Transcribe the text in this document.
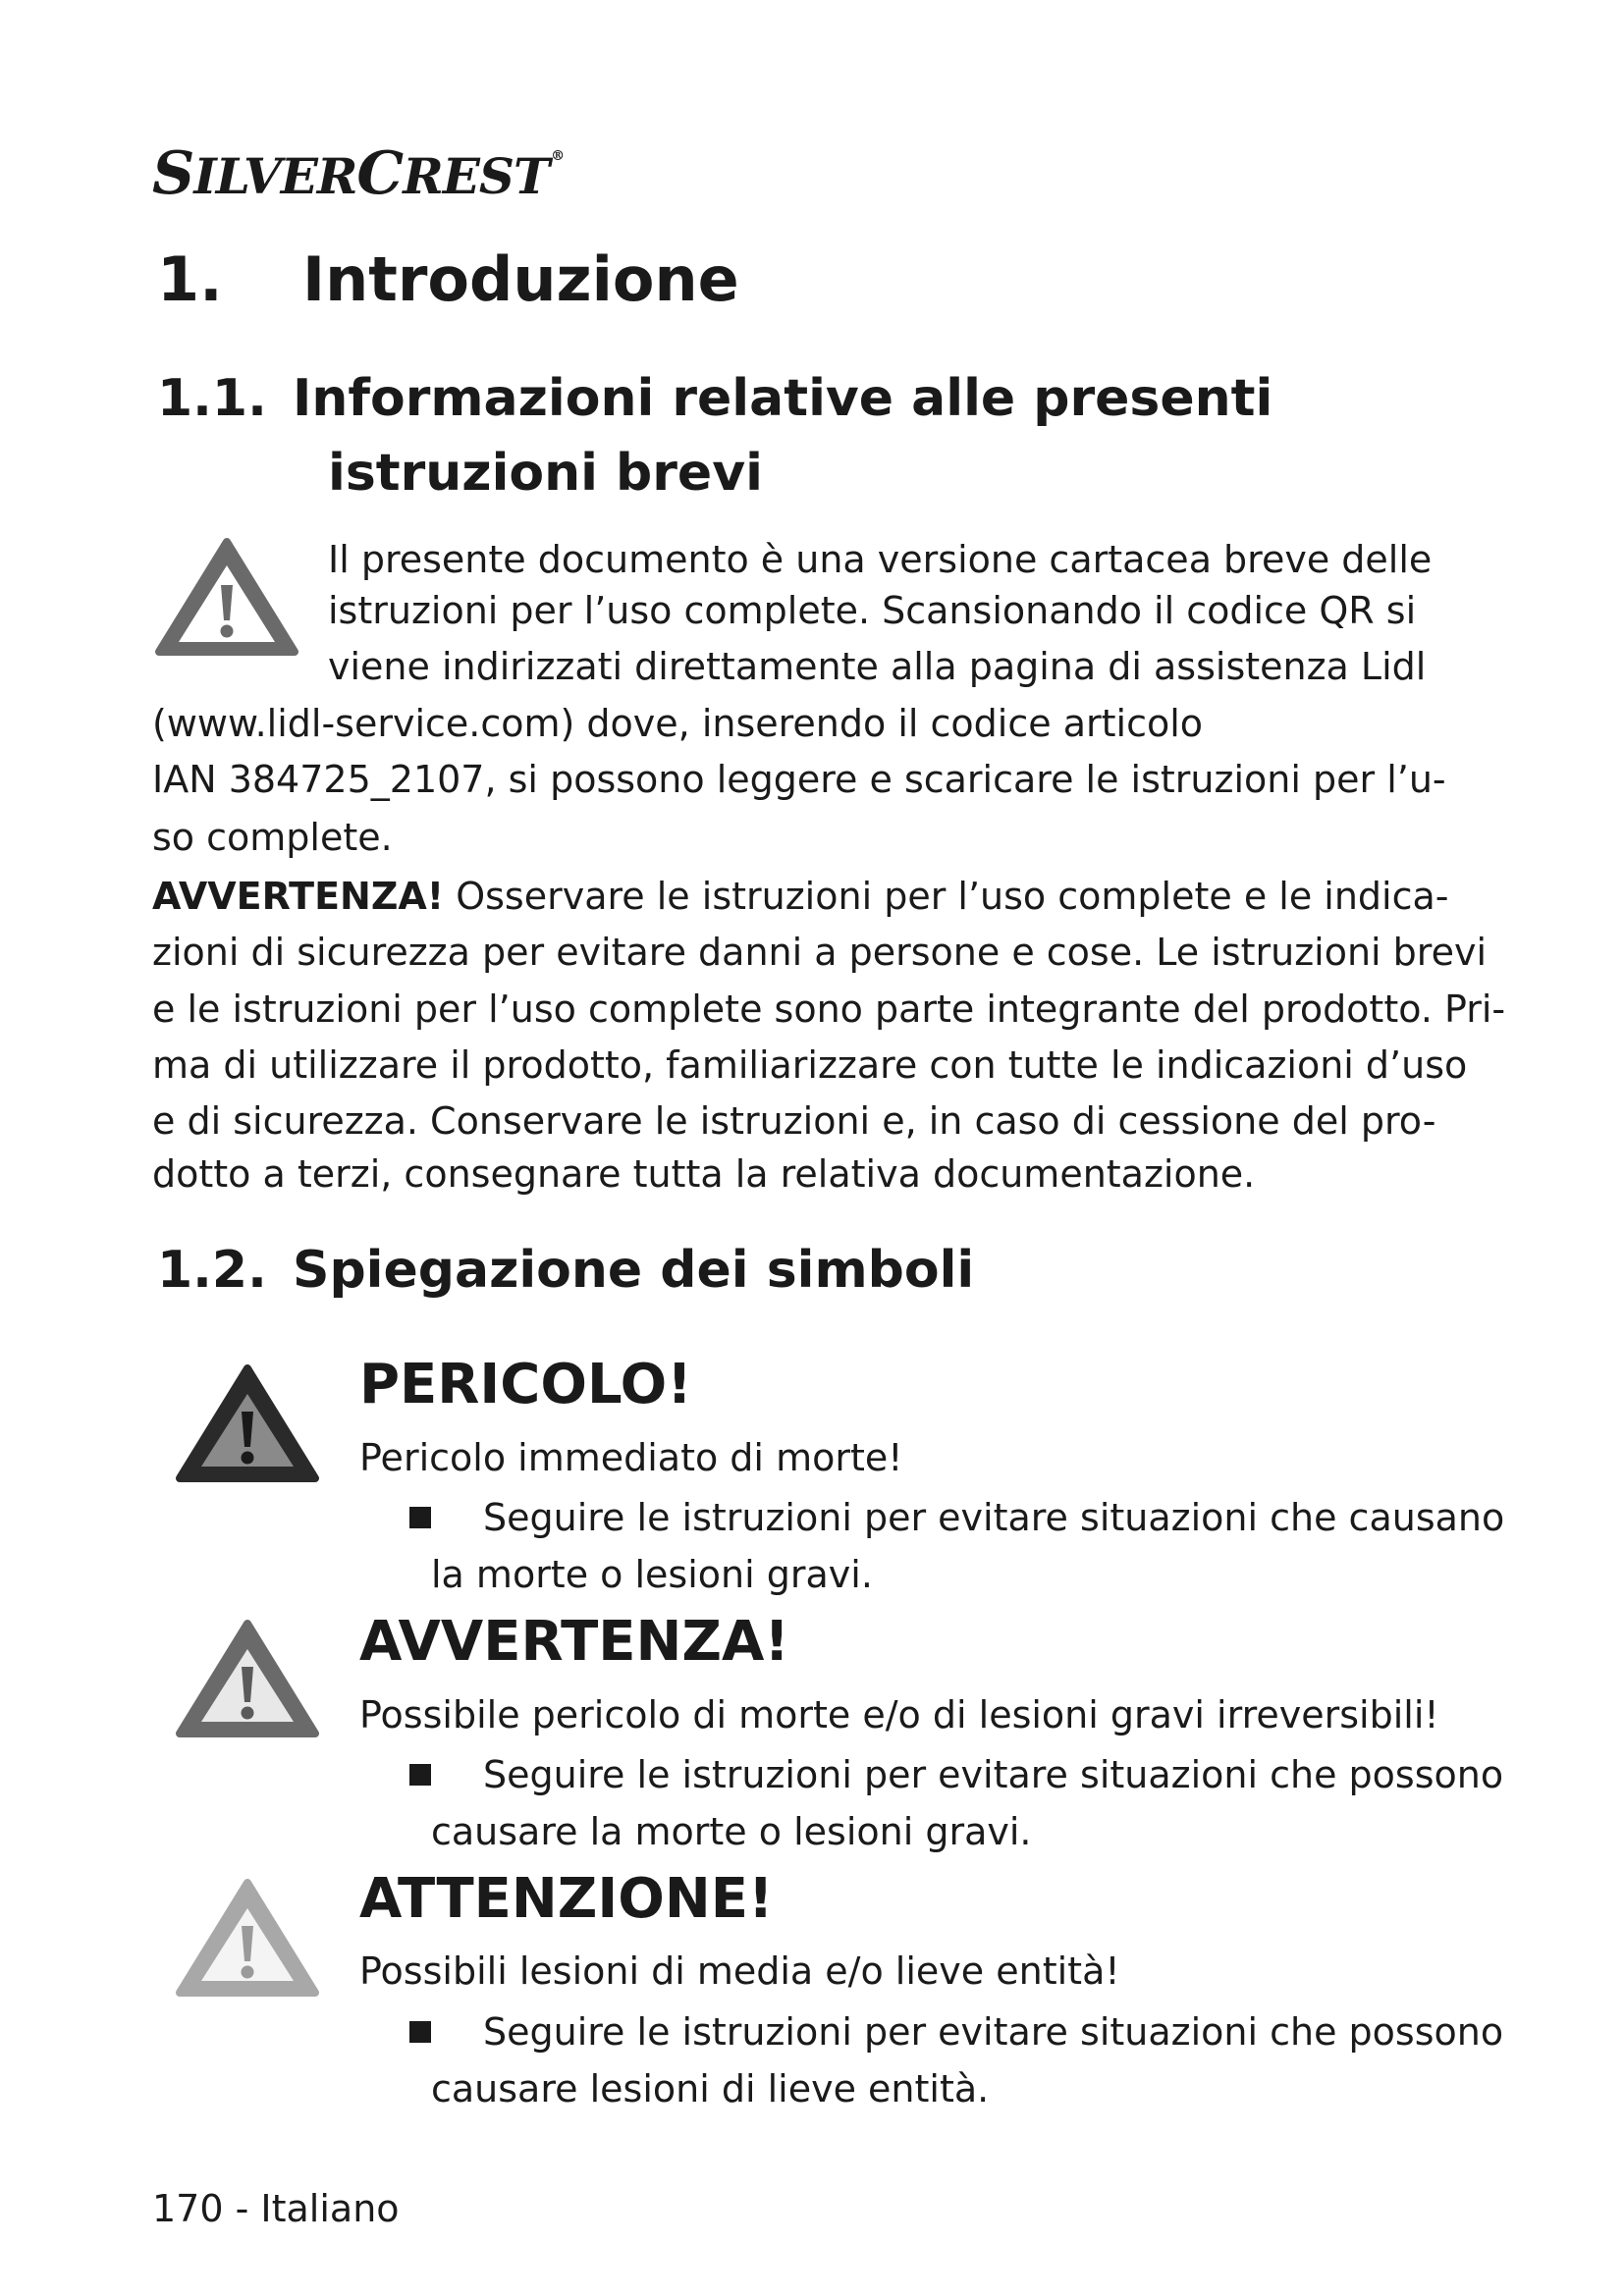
SILVERCREST ®
1. Introduzione
1.1. Informazioni relative alle presenti
istruzioni brevi
Il presente documento è una versione cartacea breve delle
istruzioni per l’uso complete. Scansionando il codice QR si
viene indirizzati direttamente alla pagina di assistenza Lidl
(www.lidl-service.com) dove, inserendo il codice articolo
IAN 384725_2107, si possono leggere e scaricare le istruzioni per l’u-
so complete.
AVVERTENZA! Osservare le istruzioni per l’uso complete e le indica-
zioni di sicurezza per evitare danni a persone e cose. Le istruzioni brevi
e le istruzioni per l’uso complete sono parte integrante del prodotto. Pri-
ma di utilizzare il prodotto, familiarizzare con tutte le indicazioni d’uso
e di sicurezza. Conservare le istruzioni e, in caso di cessione del pro-
dotto a terzi, consegnare tutta la relativa documentazione.
1.2. Spiegazione dei simboli
PERICOLO!
Pericolo immediato di morte!
Seguire le istruzioni per evitare situazioni che causano
la morte o lesioni gravi.
AVVERTENZA!
Possibile pericolo di morte e/o di lesioni gravi irreversibili!
Seguire le istruzioni per evitare situazioni che possono
causare la morte o lesioni gravi.
ATTENZIONE!
Possibili lesioni di media e/o lieve entità!
Seguire le istruzioni per evitare situazioni che possono
causare lesioni di lieve entità.
170 - Italiano
